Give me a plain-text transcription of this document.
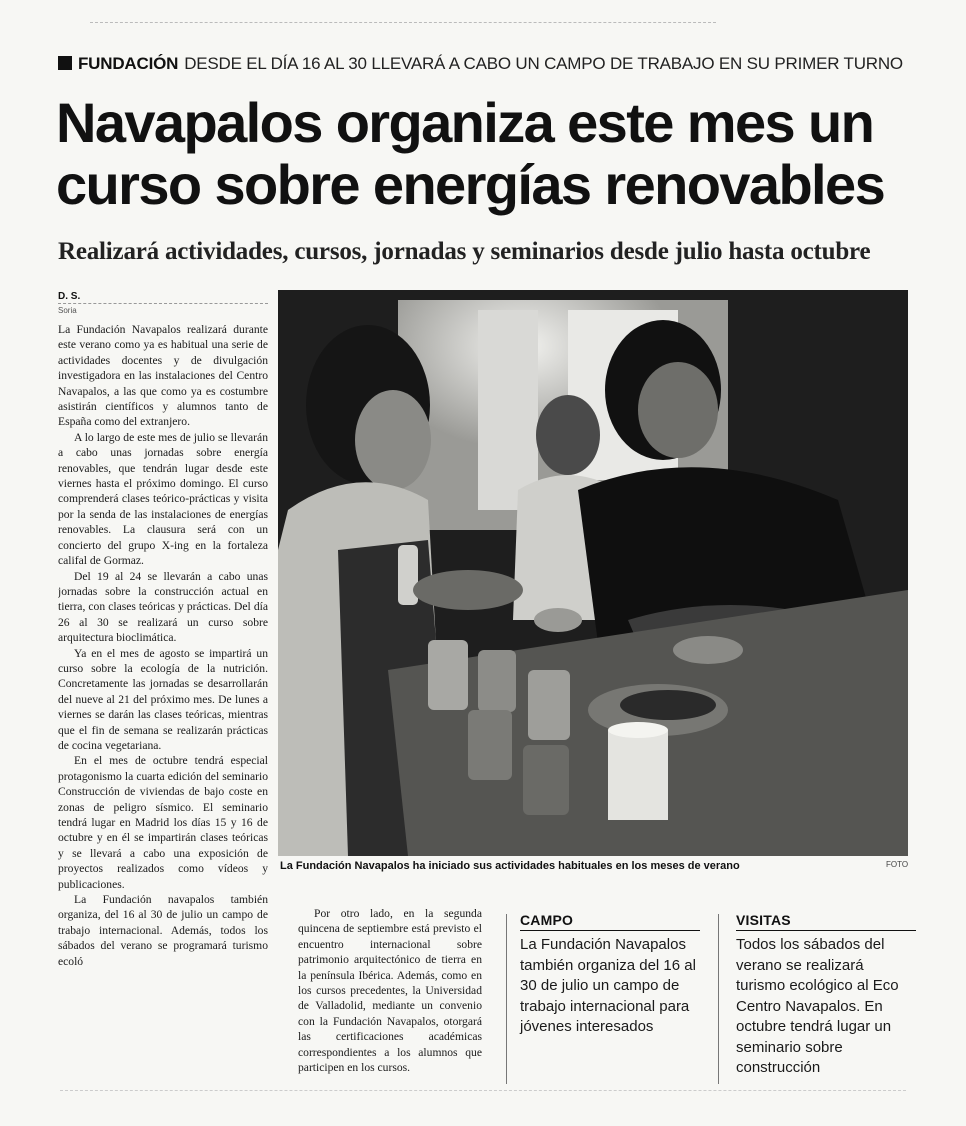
FUNDACIÓN DESDE EL DÍA 16 AL 30 LLEVARÁ A CABO UN CAMPO DE TRABAJO EN SU PRIMER TURNO
Navapalos organiza este mes un curso sobre energías renovables
Realizará actividades, cursos, jornadas y seminarios desde julio hasta octubre
D. S.
Soria

La Fundación Navapalos realizará durante este verano como ya es habitual una serie de actividades docentes y de divulgación investigadora en las instalaciones del Centro Navapalos, a las que como ya es costumbre asistirán científicos y alumnos tanto de España como del extranjero.

A lo largo de este mes de julio se llevarán a cabo unas jornadas sobre energía renovables, que tendrán lugar desde este viernes hasta el próximo domingo. El curso comprenderá clases teórico-prácticas y visita por la senda de las instalaciones de energías renovables. La clausura será con un concierto del grupo X-ing en la fortaleza califal de Gormaz.

Del 19 al 24 se llevarán a cabo unas jornadas sobre la construcción actual en tierra, con clases teóricas y prácticas. Del día 26 al 30 se realizará un curso sobre arquitectura bioclimática.

Ya en el mes de agosto se impartirá un curso sobre la ecología de la nutrición. Concretamente las jornadas se desarrollarán del nueve al 21 del próximo mes. De lunes a viernes se darán las clases teóricas, mientras que el fin de semana se realizarán prácticas de cocina vegetariana.

En el mes de octubre tendrá especial protagonismo la cuarta edición del seminario Construcción de viviendas de bajo coste en zonas de peligro sísmico. El seminario tendrá lugar en Madrid los días 15 y 16 de octubre y en él se impartirán clases teóricas y se llevará a cabo una exposición de proyectos realizados como vídeos y publicaciones.

La Fundación navapalos también organiza, del 16 al 30 de julio un campo de trabajo internacional. Además, todos los sábados del verano se programará turismo ecoló

La Fundación Navapalos ha iniciado sus actividades habituales en los meses de verano	FOTO

Por otro lado, en la segunda quincena de septiembre está previsto el encuentro internacional sobre patrimonio arquitectónico de tierra en la península Ibérica. Además, como en los cursos precedentes, la Universidad de Valladolid, mediante un convenio con la Fundación Navapalos, otorgará las certificaciones académicas correspondientes a los alumnos que participen en los cursos.

CAMPO

La Fundación Navapalos también organiza del 16 al 30 de julio un campo de trabajo internacional para jóvenes interesados

VISITAS

Todos los sábados del verano se realizará turismo ecológico al Eco Centro Navapalos. En octubre tendrá lugar un seminario sobre construcción
